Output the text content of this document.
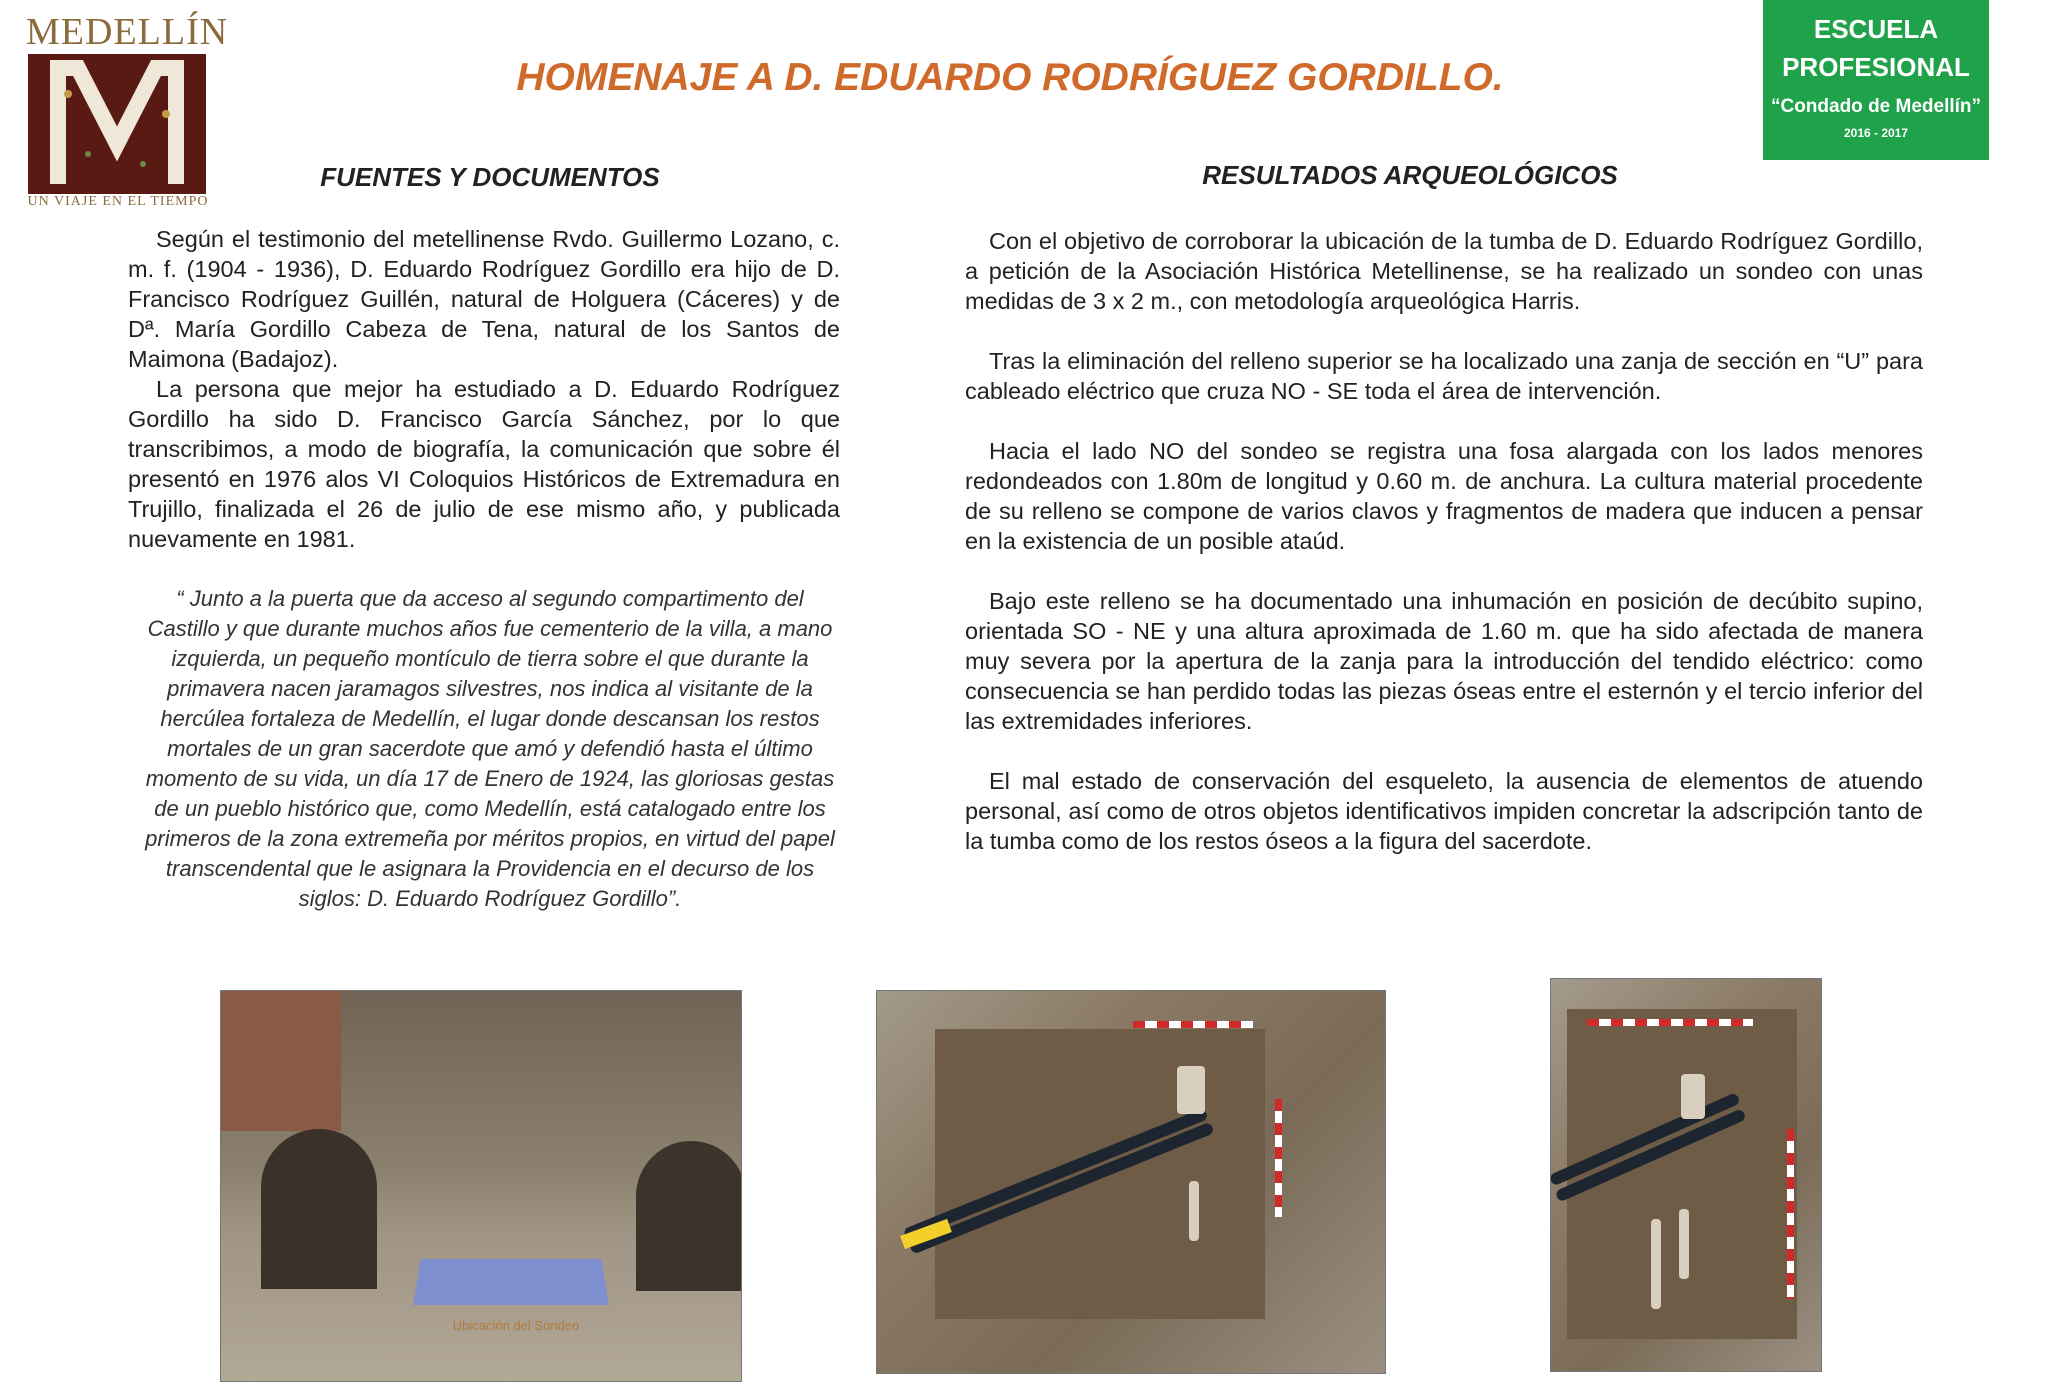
MEDELLÍN
UN VIAJE EN EL TIEMPO
ESCUELA
PROFESIONAL
“Condado de Medellín”
2016 - 2017
HOMENAJE A D. EDUARDO RODRÍGUEZ GORDILLO.
FUENTES Y DOCUMENTOS

Según el testimonio del metellinense Rvdo. Guillermo Lozano, c. m. f. (1904 - 1936), D. Eduardo Rodríguez Gordillo era hijo de D. Francisco Rodríguez Guillén, natural de Holguera (Cáceres) y de Dª. María Gordillo Cabeza de Tena, natural de los Santos de Maimona (Badajoz).

La persona que mejor ha estudiado a D. Eduardo Rodríguez Gordillo ha sido D. Francisco García Sánchez, por lo que transcribimos, a modo de biografía, la comunicación que sobre él presentó en 1976 alos VI Coloquios Históricos de Extremadura en Trujillo, finalizada el 26 de julio de ese mismo año, y publicada nuevamente en 1981.

“ Junto a la puerta que da acceso al segundo compartimento del Castillo y que durante muchos años fue cementerio de la villa, a mano izquierda, un pequeño montículo de tierra sobre el que durante la primavera nacen jaramagos silvestres, nos indica al visitante de la hercúlea fortaleza de Medellín, el lugar donde descansan los restos mortales de un gran sacerdote que amó y defendió hasta el último momento de su vida, un día 17 de Enero de 1924, las gloriosas gestas de un pueblo histórico que, como Medellín, está catalogado entre los primeros de la zona extremeña por méritos propios, en virtud del papel transcendental que le asignara la Providencia en el decurso de los siglos: D. Eduardo Rodríguez Gordillo”.

RESULTADOS ARQUEOLÓGICOS

Con el objetivo de corroborar la ubicación de la tumba de D. Eduardo Rodríguez Gordillo, a petición de la Asociación Histórica Metellinense, se ha realizado un sondeo con unas medidas de 3 x 2 m., con metodología arqueológica Harris.

Tras la eliminación del relleno superior se ha localizado una zanja de sección en “U” para cableado eléctrico que cruza NO - SE toda el área de intervención.

Hacia el lado NO del sondeo se registra una fosa alargada con los lados menores redondeados con 1.80m de longitud y 0.60 m. de anchura. La cultura material procedente de su relleno se compone de varios clavos y fragmentos de madera que inducen a pensar en la existencia de un posible ataúd.

Bajo este relleno se ha documentado una inhumación en posición de decúbito supino, orientada SO - NE y una altura aproximada de 1.60 m. que ha sido afectada de manera muy severa por la apertura de la zanja para la introducción del tendido eléctrico: como consecuencia se han perdido todas las piezas óseas entre el esternón y el tercio inferior del las extremidades inferiores.

El mal estado de conservación del esqueleto, la ausencia de elementos de atuendo personal, así como de otros objetos identificativos impiden concretar la adscripción tanto de la tumba como de los restos óseos a la figura del sacerdote.

Ubicación del Sondeo
